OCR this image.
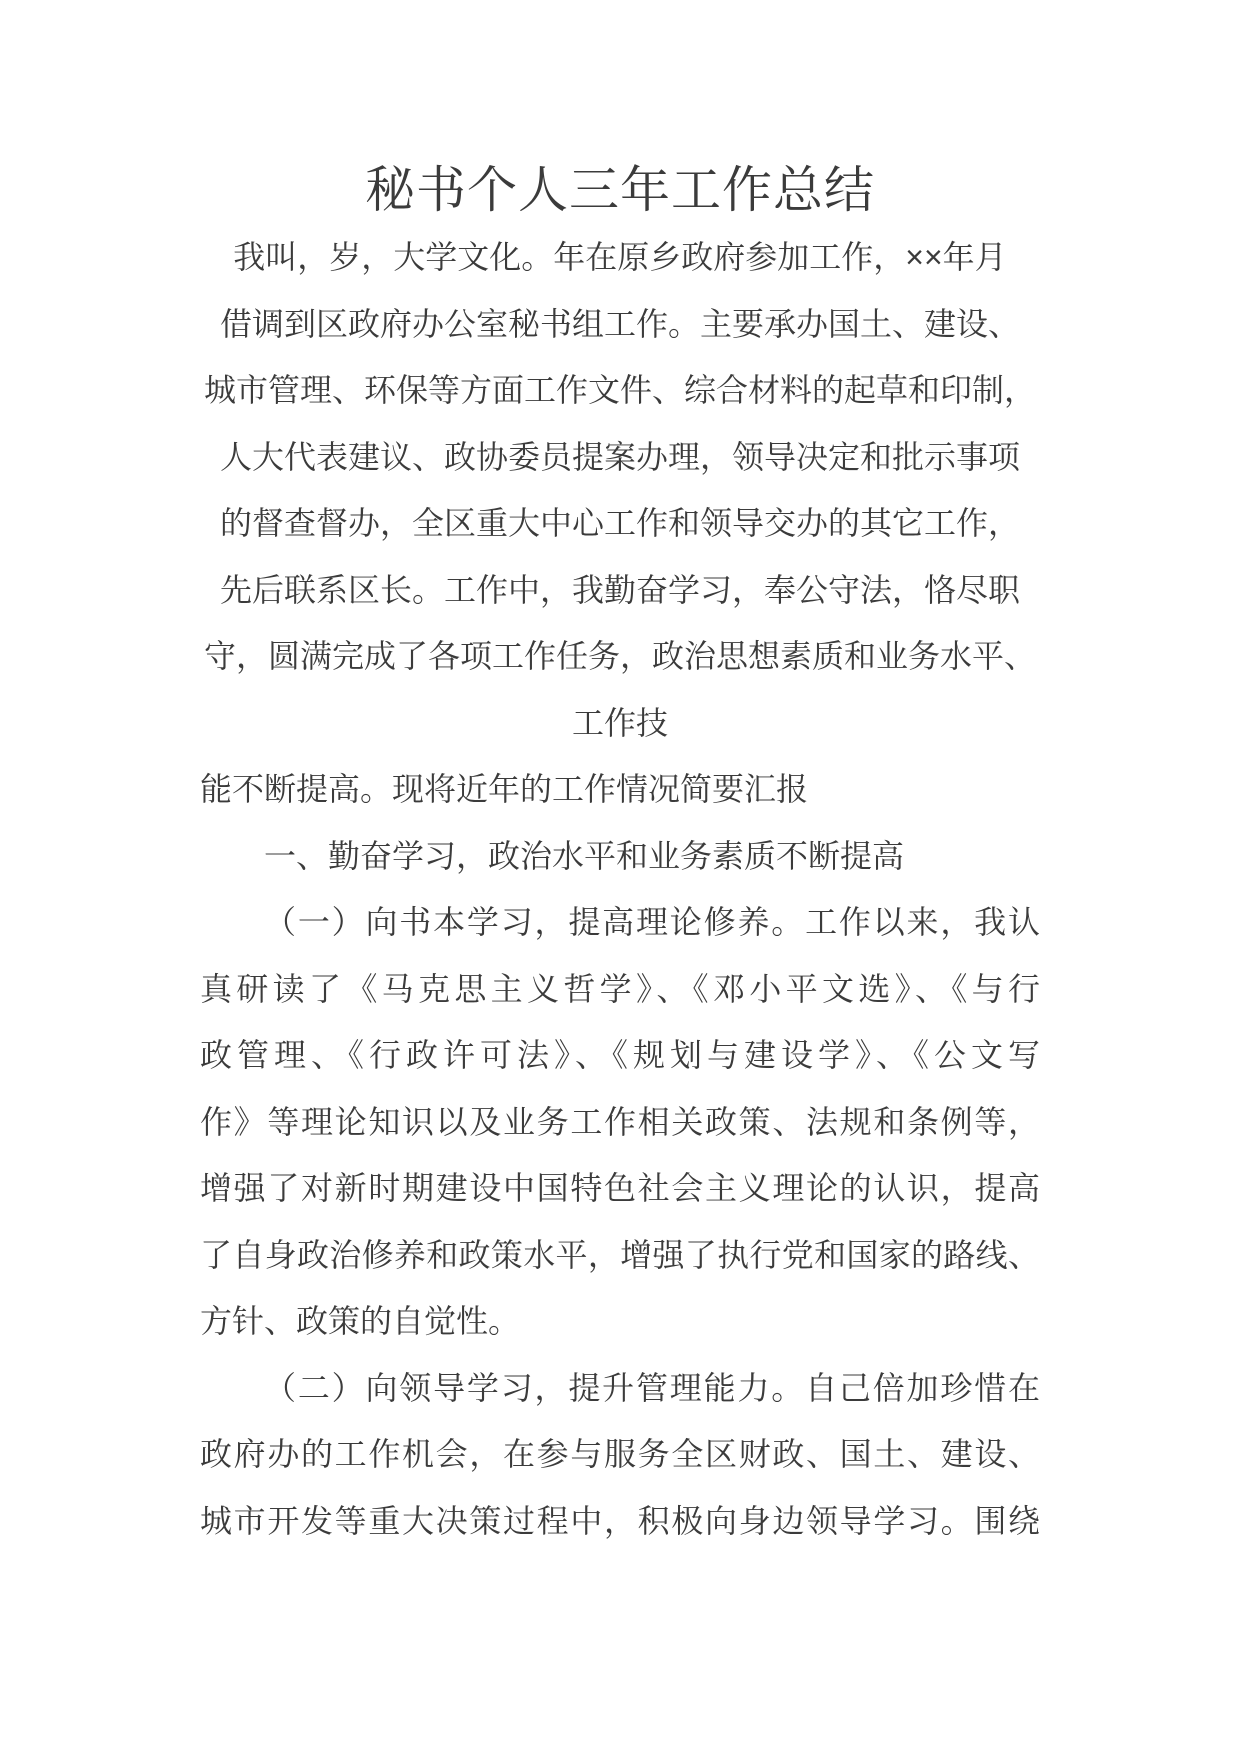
秘书个人三年工作总结
我叫，岁，大学文化。年在原乡政府参加工作，××年月
借调到区政府办公室秘书组工作。主要承办国土、建设、
城市管理、环保等方面工作文件、综合材料的起草和印制，
人大代表建议、政协委员提案办理，领导决定和批示事项
的督查督办，全区重大中心工作和领导交办的其它工作，
先后联系区长。工作中，我勤奋学习，奉公守法，恪尽职
守，圆满完成了各项工作任务，政治思想素质和业务水平、
工作技
能不断提高。现将近年的工作情况简要汇报
一、勤奋学习，政治水平和业务素质不断提高
（一）向书本学习，提高理论修养。工作以来，我认
真研读了《马克思主义哲学》、《邓小平文选》、《与行
政管理、《行政许可法》、《规划与建设学》、《公文写
作》等理论知识以及业务工作相关政策、法规和条例等，
增强了对新时期建设中国特色社会主义理论的认识，提高
了自身政治修养和政策水平，增强了执行党和国家的路线、
方针、政策的自觉性。
（二）向领导学习，提升管理能力。自己倍加珍惜在
政府办的工作机会，在参与服务全区财政、国土、建设、
城市开发等重大决策过程中，积极向身边领导学习。围绕
